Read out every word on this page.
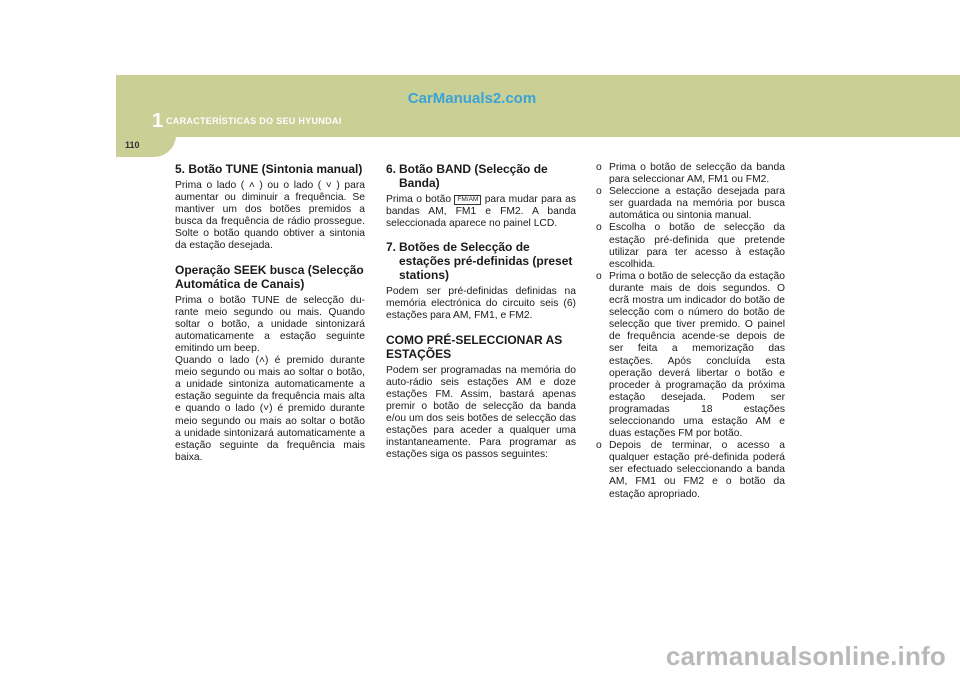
1 CARACTERÍSTICAS DO SEU HYUNDAI
CarManuals2.com
110
5. Botão TUNE (Sintonia manual)

Prima o lado ( ˄ ) ou o lado ( ˅ ) para aumentar ou diminuir a frequência. Se mantiver um dos botões premidos a busca da frequência de rádio prossegue. Solte o botão quando obtiver a sintonia da estação desejada.

Operação SEEK busca (Selecção Automática de Canais)

Prima o botão TUNE de selecção du-rante meio segundo ou mais. Quando soltar o botão, a unidade sintonizará automaticamente a estação seguinte emitindo um beep.

Quando o lado (˄) é premido durante meio segundo ou mais ao soltar o botão, a unidade sintoniza automaticamente a estação seguinte da frequência mais alta e quando o lado (˅) é premido durante meio segundo ou mais ao soltar o botão a unidade sintonizará automaticamente a estação seguinte da frequência mais baixa.

6. Botão BAND (Selecção de Banda)

Prima o botão FM/AM para mudar para as bandas AM, FM1 e FM2. A banda seleccionada aparece no painel LCD.

7. Botões de Selecção de estações pré-definidas (preset stations)

Podem ser pré-definidas definidas na memória electrónica do circuito seis (6) estações para AM, FM1, e FM2.

COMO PRÉ-SELECCIONAR AS ESTAÇÕES

Podem ser programadas na memória do auto-rádio seis estações AM e doze estações FM. Assim, bastará apenas premir o botão de selecção da banda e/ou um dos seis botões de selecção das estações para aceder a qualquer uma instantaneamente. Para programar as estações siga os passos seguintes:

o Prima o botão de selecção da banda para seleccionar AM, FM1 ou FM2.
o Seleccione a estação desejada para ser guardada na memória por busca automática ou sintonia manual.
o Escolha o botão de selecção da estação pré-definida que pretende utilizar para ter acesso à estação escolhida.
o Prima o botão de selecção da estação durante mais de dois segundos. O ecrã mostra um indicador do botão de selecção com o número do botão de selecção que tiver premido. O painel de frequência acende-se depois de ser feita a memorização das estações. Após concluída esta operação deverá libertar o botão e proceder à programação da próxima estação desejada. Podem ser programadas 18 estações seleccionando uma estação AM e duas estações FM por botão.
o Depois de terminar, o acesso a qualquer estação pré-definida poderá ser efectuado seleccionando a banda AM, FM1 ou FM2 e o botão da estação apropriado.
carmanualsonline.info
